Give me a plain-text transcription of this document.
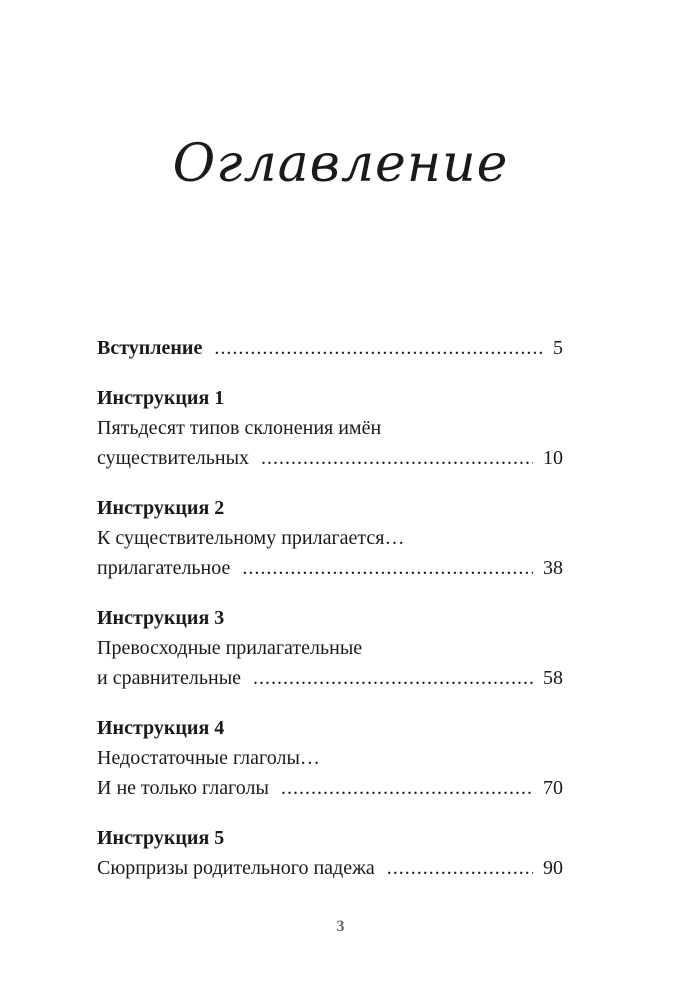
Оглавление
Вступление .....	5
Инструкция 1
Пятьдесят типов склонения имён
существительных .....	10
Инструкция 2
К существительному прилагается…
прилагательное .....	38
Инструкция 3
Превосходные прилагательные
и сравнительные .....	58
Инструкция 4
Недостаточные глаголы…
И не только глаголы .....	70
Инструкция 5
Сюрпризы родительного падежа .....	90
3
